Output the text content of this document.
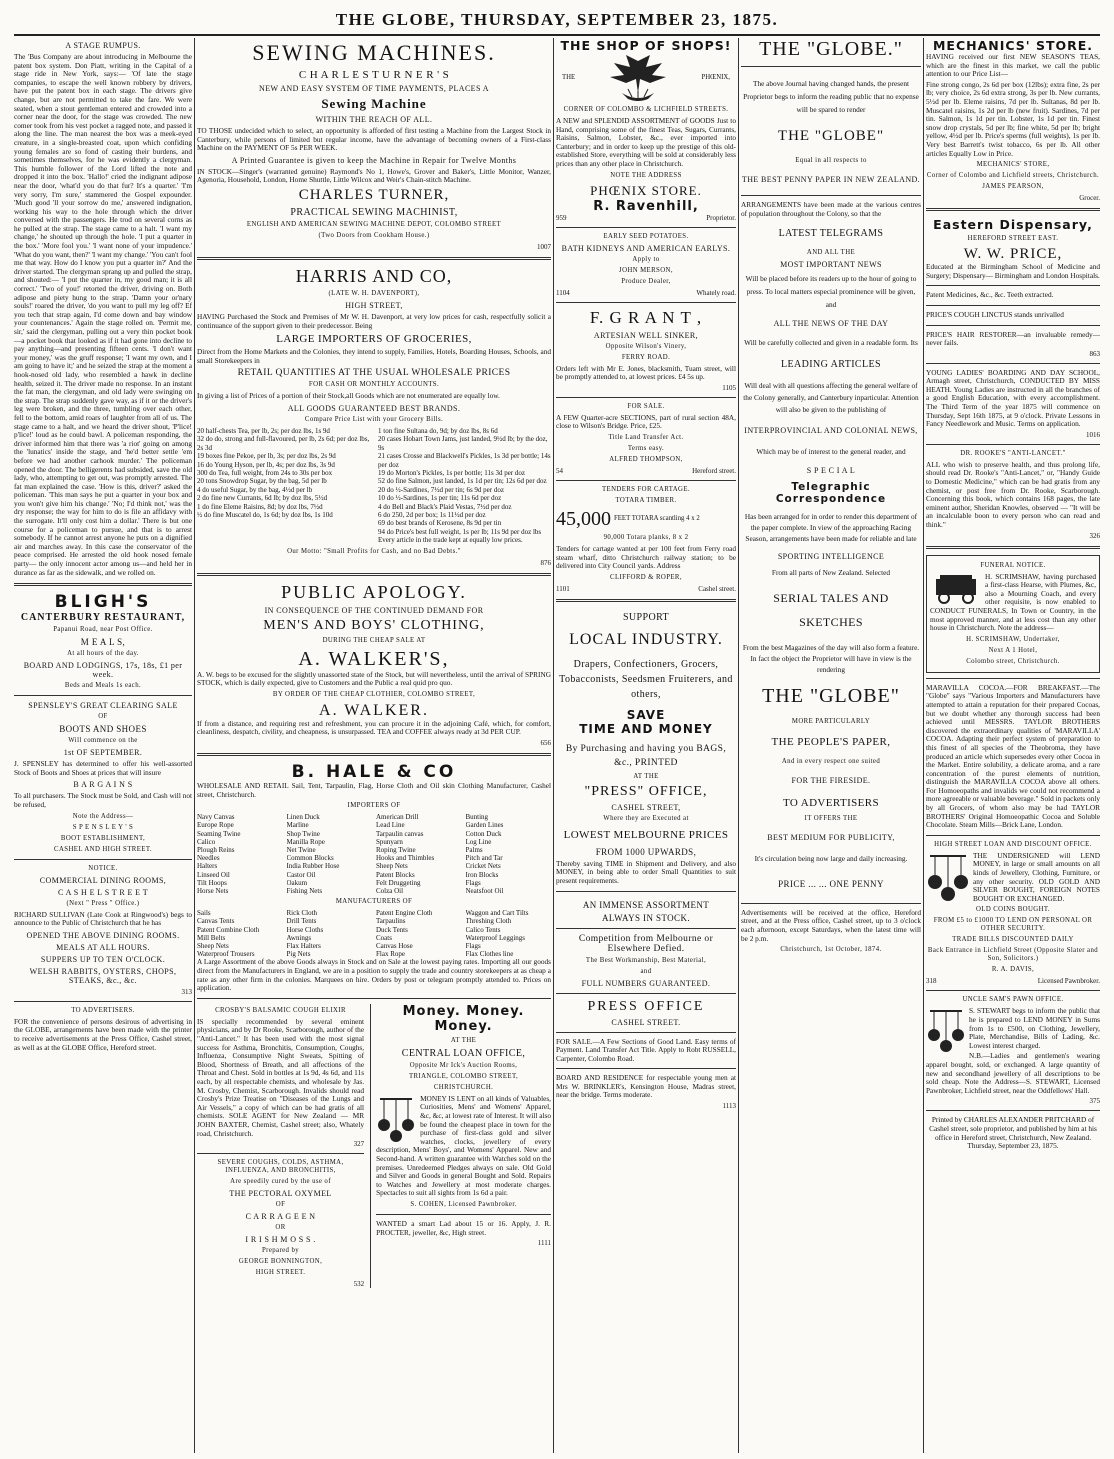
THE GLOBE, THURSDAY, SEPTEMBER 23, 1875.
A STAGE RUMPUS.

The 'Bus Company are about introducing in Melbourne the patent box system. Don Piatt, writing in the Capital of a stage ride in New York, says:— 'Of late the stage companies, to escape the well known robbery by drivers, have put the patent box in each stage. The drivers give change, but are not permitted to take the fare. We were seated, when a stout gentleman entered and crowded into a corner near the door, for the stage was crowded. The new comer took from his vest pocket a ragged note, and passed it along the line. The man nearest the box was a meek-eyed creature, in a single-breasted coat, upon which confiding young females are so fond of casting their burdens, and sometimes themselves, for he was evidently a clergyman. This humble follower of the Lord lifted the note and dropped it into the box. 'Hallo!' cried the indignant adipose near the door, 'what'd you do that fur? It's a quarter.' 'I'm very sorry, I'm sure,' stammered the Gospel expounder. 'Much good 'll your sorrow do me,' answered indignation, working his way to the hole through which the driver conversed with the passengers. He trod on several corns as he pulled at the strap. The stage came to a halt. 'I want my change,' he shouted up through the hole. 'I put a quarter in the box.' 'More fool you.' 'I want none of your impudence.' 'What do you want, then?' 'I want my change.' 'You can't fool me that way. How do I know you put a quarter in?' And the driver started. The clergyman sprang up and pulled the strap, and shouted:— 'I put the quarter in, my good man; it is all correct.' 'Two of you!' retorted the driver, driving on. Both adipose and piety hung to the strap. 'Damn your or'nary souls!' roared the driver, 'do you want to pull my leg off? Ef you tech that strap again, I'd come down and bay window your countenances.' Again the stage rolled on. 'Permit me, sir,' said the clergyman, pulling out a very thin pocket book—a pocket book that looked as if it had gone into decline to pay anything—and presenting fifteen cents. 'I don't want your money,' was the gruff response; 'I want my own, and I am going to have it;' and he seized the strap at the moment a hook-nosed old lady, who resembled a hawk in decline health, seized it. The driver made no response. In an instant the fat man, the clergyman, and old lady were swinging on the strap. The strap suddenly gave way, as if it or the driver's leg were broken, and the three, tumbling over each other, fell to the bottom, amid roars of laughter from all of us. The stage came to a halt, and we heard the driver shout, 'P'lice! p'lice!' loud as he could bawl. A policeman responding, the driver informed him that there was 'a riot' going on among the 'lunatics' inside the stage, and 'he'd better settle 'em before we had another carhook murder.' The policeman opened the door. The belligerents had subsided, save the old lady, who, attempting to get out, was promptly arrested. The fat man explained the case. 'How is this, driver?' asked the policeman. 'This man says he put a quarter in your box and you won't give him his change.' 'No; I'd think not,' was the dry response; the way for him to do is file an affidavy with the surrogate. It'll only cost him a dollar.' There is but one course for a policeman to pursue, and that is to arrest somebody. If he cannot arrest anyone he puts on a dignified air and marches away. In this case the conservator of the peace comprised. He arrested the old hook nosed female party— the only innocent actor among us—and held her in durance as far as the sidewalk, and we rolled on.

BLIGH'S
CANTERBURY RESTAURANT,
Papanui Road, near Post Office.
M E A L S,
At all hours of the day.
BOARD AND LODGINGS, 17s, 18s, £1 per week.
Beds and Meals 1s each.
SPENSLEY'S GREAT CLEARING SALE
OF
BOOTS AND SHOES
Will commence on the
1st OF SEPTEMBER.

J. SPENSLEY has determined to offer his well-assorted Stock of Boots and Shoes at prices that will insure

B A R G A I N S

To all purchasers. The Stock must be Sold, and Cash will not be refused,

Note the Address—
S P E N S L E Y ' S
BOOT ESTABLISHMENT,
CASHEL AND HIGH STREET.
NOTICE.
COMMERCIAL DINING ROOMS,
C A S H E L S T R E E T
(Next " Press " Office.)

RICHARD SULLIVAN (Late Cook at Ringwood's) begs to announce to the Public of Christchurch that he has

OPENED THE ABOVE DINING ROOMS.
MEALS AT ALL HOURS.
SUPPERS UP TO TEN O'CLOCK.
WELSH RABBITS, OYSTERS, CHOPS, STEAKS, &c., &c.
313
TO ADVERTISERS.

FOR the convenience of persons desirous of advertising in the GLOBE, arrangements have been made with the printer to receive advertisements at the Press Office, Cashel street, as well as at the GLOBE Office, Hereford street.

SEWING MACHINES.
C H A R L E S T U R N E R ' S
NEW AND EASY SYSTEM OF TIME PAYMENTS, PLACES A
Sewing Machine
WITHIN THE REACH OF ALL.

TO THOSE undecided which to select, an opportunity is afforded of first testing a Machine from the Largest Stock in Canterbury, while persons of limited but regular income, have the advantage of becoming owners of a First-class Machine on the PAYMENT OF 5s PER WEEK.

A Printed Guarantee is given to keep the Machine in Repair for Twelve Months

IN STOCK—Singer's (warranted genuine) Raymond's No 1, Howe's, Grover and Baker's, Little Monitor, Wanzer, Agenoria, Household, London, Home Shuttle, Little Wilcox and Weir's Chain-stitch Machine.

CHARLES TURNER,
PRACTICAL SEWING MACHINIST,
ENGLISH AND AMERICAN SEWING MACHINE DEPOT, COLOMBO STREET
(Two Doors from Cookham House.)
1007
HARRIS AND CO,
(LATE W. H. DAVENPORT),
HIGH STREET,

HAVING Purchased the Stock and Premises of Mr W. H. Davenport, at very low prices for cash, respectfully solicit a continuance of the support given to their predecessor. Being

LARGE IMPORTERS OF GROCERIES,

Direct from the Home Markets and the Colonies, they intend to supply, Families, Hotels, Boarding Houses, Schools, and small Storekeepers in

RETAIL QUANTITIES AT THE USUAL WHOLESALE PRICES
FOR CASH OR MONTHLY ACCOUNTS.

In giving a list of Prices of a portion of their Stock,all Goods which are not enumerated are equally low.

ALL GOODS GUARANTEED BEST BRANDS.
Compare Price List with your Grocery Bills.
20 half-chests Tea, per lb, 2s; per doz lbs, 1s 9d
32 do do, strong and full-flavoured, per lb, 2s 6d; per doz lbs, 2s 3d
19 boxes fine Pekoe, per lb, 3s; per doz lbs, 2s 9d
16 do Young Hyson, per lb, 4s; per doz lbs, 3s 9d
300 do Tea, full weight, from 24s to 30s per box
20 tons Snowdrop Sugar, by the bag, 5d per lb
4 do useful Sugar, by the bag, 4½d per lb
2 do fine new Currants, 6d lb; by doz lbs, 5½d
1 do fine Eleme Raisins, 8d; by doz lbs, 7½d
½ do fine Muscatel do, 1s 6d; by doz lbs, 1s 10d
1 ton fine Sultana do, 9d; by doz lbs, 8s 6d
20 cases Hobart Town Jams, just landed, 9½d lb; by the doz, 9s
21 cases Crosse and Blackwell's Pickles, 1s 3d per bottle; 14s per doz
19 do Morton's Pickles, 1s per bottle; 11s 3d per doz
52 do fine Salmon, just landed, 1s 1d per tin; 12s 6d per doz
20 do ½-Sardines, 7½d per tin; 6s 9d per doz
10 do ½-Sardines, 1s per tin; 11s 6d per doz
4 do Bell and Black's Plaid Vestas, 7½d per doz
6 do 250, 2d per box; 1s 11½d per doz
69 do best brands of Kerosene, 8s 9d per tin
94 do Price's best full weight, 1s per lb; 11s 9d per doz lbs
Every article in the trade kept at equally low prices.
Our Motto: "Small Profits for Cash, and no Bad Debts."
876
PUBLIC APOLOGY.
IN CONSEQUENCE OF THE CONTINUED DEMAND FOR
MEN'S AND BOYS' CLOTHING,
DURING THE CHEAP SALE AT
A. WALKER'S,

A. W. begs to be excused for the slightly unassorted state of the Stock, but will nevertheless, until the arrival of SPRING STOCK, which is daily expected, give to Customers and the Public a real quid pro quo.

BY ORDER OF THE CHEAP CLOTHIER, COLOMBO STREET,
A. WALKER.

If from a distance, and requiring rest and refreshment, you can procure it in the adjoining Café, which, for comfort, cleanliness, despatch, civility, and cheapness, is unsurpassed. TEA and COFFEE always ready at 3d PER CUP.

656
B. HALE & CO

WHOLESALE AND RETAIL Sail, Tent, Tarpaulin, Flag, Horse Cloth and Oil skin Clothing Manufacturer, Cashel street, Christchurch.

IMPORTERS OF
Navy Canvas	Linen Duck	American Drill	Bunting
Europe Rope	Marline	Lead Line	Garden Lines
Seaming Twine	Shop Twine	Tarpaulin canvas	Cotton Duck
Calico	Manilla Rope	Spunyarn	Log Line
Plough Reins	Net Twine	Roping Twine	Palms
Needles	Common Blocks	Hooks and Thimbles	Pitch and Tar
Halters	India Rubber Hose	Sheep Nets	Cricket Nets
Linseed Oil	Castor Oil	Patent Blocks	Iron Blocks
Tilt Hoops	Oakum	Felt Druggeting	Flags
Horse Nets	Fishing Nets	Colza Oil	Neatsfoot Oil
MANUFACTURERS OF
Sails	Rick Cloth	Patent Engine Cloth	Waggon and Cart Tilts
Canvas Tents	Drill Tents	Tarpaulins	Threshing Cloth
Patent Combine Cloth	Horse Cloths	Duck Tents	Calico Tents
Mill Belts	Awnings	Coats	Waterproof Leggings
Sheep Nets	Flax Halters	Canvas Hose	Flags
Waterproof Trousers	Pig Nets	Flax Rope	Flax Clothes line

A Large Assortment of the above Goods always in Stock and on Sale at the lowest paying rates. Importing all our goods direct from the Manufacturers in England, we are in a position to supply the trade and country storekeepers at as cheap a rate as any other firm in the colonies. Marquees on hire. Orders by post or telegram promptly attended to. Prices on application.

CROSBY'S BALSAMIC COUGH ELIXIR

IS specially recommended by several eminent physicians, and by Dr Rooke, Scarborough, author of the "Anti-Lancet." It has been used with the most signal success for Asthma, Bronchitis, Consumption, Coughs, Influenza, Consumptive Night Sweats, Spitting of Blood, Shortness of Breath, and all affections of the Throat and Chest. Sold in bottles at 1s 9d, 4s 6d, and 11s each, by all respectable chemists, and wholesale by Jas. M. Crosby, Chemist, Scarborough. Invalids should read Crosby's Prize Treatise on "Diseases of the Lungs and Air Vessels," a copy of which can be had gratis of all chemists. SOLE AGENT for New Zealand — MR JOHN BAXTER, Chemist, Cashel street; also, Whately road, Christchurch.

327
SEVERE COUGHS, COLDS, ASTHMA, INFLUENZA, AND BRONCHITIS,
Are speedily cured by the use of
THE PECTORAL OXYMEL
OF
C A R R A G E E N
OR
I R I S H M O S S .
Prepared by
GEORGE BONNINGTON,
HIGH STREET.
532
Money. Money. Money.
AT THE
CENTRAL LOAN OFFICE,
Opposite Mr Ick's Auction Rooms,
TRIANGLE, COLOMBO STREET,
CHRISTCHURCH.

MONEY IS LENT on all kinds of Valuables, Curiosities, Mens' and Womens' Apparel, &c, &c, at lowest rate of Interest. It will also be found the cheapest place in town for the purchase of first-class gold and silver watches, clocks, jewellery of every description, Mens' Boys', and Womens' Apparel. New and Second-hand. A written guarantee with Watches sold on the premises. Unredeemed Pledges always on sale. Old Gold and Silver and Goods in general Bought and Sold. Repairs to Watches and Jewellery at most moderate charges. Spectacles to suit all sights from 1s 6d a pair.

S. COHEN, Licensed Pawnbroker.

WANTED a smart Lad about 15 or 16. Apply, J. R. PROCTER, jeweller, &c, High street.

1111
THE SHOP OF SHOPS!
THE	PHŒNIX,
CORNER OF COLOMBO & LICHFIELD STREETS.

A NEW and SPLENDID ASSORTMENT of GOODS Just to Hand, comprising some of the finest Teas, Sugars, Currants, Raisins, Salmon, Lobster, &c., ever imported into Canterbury; and in order to keep up the prestige of this old-established Store, everything will be sold at considerably less prices than any other place in Christchurch.

NOTE THE ADDRESS
PHŒNIX STORE.
R. Ravenhill,
959	Proprietor.
EARLY SEED POTATOES.
BATH KIDNEYS AND AMERICAN EARLYS.
Apply to
JOHN MERSON,
Produce Dealer,
1104	Whately road.
F. G R A N T ,
ARTESIAN WELL SINKER,
Opposite Wilson's Vinery,
FERRY ROAD.

Orders left with Mr E. Jones, blacksmith, Tuam street, will be promptly attended to, at lowest prices. £4 5s up.

1105
FOR SALE.

A FEW Quarter-acre SECTIONS, part of rural section 48A, close to Wilson's Bridge. Price, £25.

Title Land Transfer Act.
Terms easy.
ALFRED THOMPSON,
54	Hereford street.
TENDERS FOR CARTAGE.
TOTARA TIMBER.
45,000 FEET TOTARA scantling 4 x 2
90,000 Totara planks, 8 x 2

Tenders for cartage wanted at per 100 feet from Ferry road steam wharf, ditto Christchurch railway station; to be delivered into City Council yards. Address

CLIFFORD & ROPER,
1101	Cashel street.
SUPPORT
LOCAL INDUSTRY.
Drapers, Confectioners, Grocers, Tobacconists, Seedsmen Fruiterers, and others,
SAVE
TIME AND MONEY
By Purchasing and having you BAGS, &c., PRINTED
AT THE
"PRESS" OFFICE,
CASHEL STREET,
Where they are Executed at
LOWEST MELBOURNE PRICES
FROM 1000 UPWARDS,

Thereby saving TIME in Shipment and Delivery, and also MONEY, in being able to order Small Quantities to suit present requirements.

AN IMMENSE ASSORTMENT
ALWAYS IN STOCK.
Competition from Melbourne or Elsewhere Defied.
The Best Workmanship, Best Material,
and
FULL NUMBERS GUARANTEED.
PRESS OFFICE
CASHEL STREET.

FOR SALE.—A Few Sections of Good Land. Easy terms of Payment. Land Transfer Act Title. Apply to Robt RUSSELL, Carpenter, Colombo Road.

BOARD AND RESIDENCE for respectable young men at Mrs W. BRINKLER's, Kensington House, Madras street, near the bridge. Terms moderate.

1113
THE "GLOBE."

The above Journal having changed hands, the present Proprietor begs to inform the reading public that no expense will be spared to render

THE "GLOBE"
Equal in all respects to
THE BEST PENNY PAPER IN NEW ZEALAND.

ARRANGEMENTS have been made at the various centres of population throughout the Colony, so that the

LATEST TELEGRAMS
AND ALL THE
MOST IMPORTANT NEWS

Will be placed before its readers up to the hour of going to press. To local matters especial prominence will be given, and

ALL THE NEWS OF THE DAY

Will be carefully collected and given in a readable form. Its

LEADING ARTICLES

Will deal with all questions affecting the general welfare of the Colony generally, and Canterbury inparticular. Attention will also be given to the publishing of

INTERPROVINCIAL AND COLONIAL NEWS,

Which may be of interest to the general reader, and

S P E C I A L
Telegraphic Correspondence

Has been arranged for in order to render this department of the paper complete. In view of the approaching Racing Season, arrangements have been made for reliable and late

SPORTING INTELLIGENCE

From all parts of New Zealand. Selected

SERIAL TALES AND SKETCHES

From the best Magazines of the day will also form a feature. In fact the object the Proprietor will have in view is the rendering

THE "GLOBE"
MORE PARTICULARLY
THE PEOPLE'S PAPER,
And in every respect one suited
FOR THE FIRESIDE.
TO ADVERTISERS
IT OFFERS THE
BEST MEDIUM FOR PUBLICITY,

It's circulation being now large and daily increasing.

PRICE ... ... ONE PENNY

Advertisements will be received at the office, Hereford street, and at the Press office, Cashel street, up to 3 o'clock each afternoon, except Saturdays, when the latest time will be 2 p.m.

Christchurch, 1st October, 1874.
MECHANICS' STORE.

HAVING received our first NEW SEASON'S TEAS, which are the finest in this market, we call the public attention to our Price List—

Fine strong congo, 2s 6d per box (12lbs); extra fine, 2s per lb; very choice, 2s 6d extra strong, 3s per lb. New currants, 5½d per lb. Eleme raisins, 7d per lb. Sultanas, 8d per lb. Muscatel raisins, 1s 2d per lb (new fruit). Sardines, 7d per tin. Salmon, 1s 1d per tin. Lobster, 1s 1d per tin. Finest snow drop crystals, 5d per lb; fine white, 5d per lb; bright yellow, 4½d per lb. Price's sperms (full weights), 1s per lb. Very best Barrett's twist tobacco, 6s per lb. All other articles Equally Low in Price.

MECHANICS' STORE,
Corner of Colombo and Lichfield streets, Christchurch.
JAMES PEARSON,
Grocer.
Eastern Dispensary,
HEREFORD STREET EAST.
W. W. PRICE,

Educated at the Birmingham School of Medicine and Surgery; Dispensary— Birmingham and London Hospitals.

Patent Medicines, &c., &c. Teeth extracted.

PRICE'S COUGH LINCTUS stands unrivalled

PRICE'S HAIR RESTORER—an invaluable remedy—never fails.

863

YOUNG LADIES' BOARDING AND DAY SCHOOL, Armagh street, Christchurch, CONDUCTED BY MISS HEATH. Young Ladies are instructed in all the branches of a good English Education, with every accomplishment. The Third Term of the year 1875 will commence on Thursday, Sept 16th 1875, at 9 o'clock. Private Lessons in Fancy Needlework and Music. Terms on application.

1016
DR. ROOKE'S "ANTI-LANCET."

ALL who wish to preserve health, and thus prolong life, should read Dr. Rooke's "Anti-Lancet," or, "Handy Guide to Domestic Medicine," which can be had gratis from any chemist, or post free from Dr. Rooke, Scarborough. Concerning this book, which contains 168 pages, the late eminent author, Sheridan Knowles, observed — "It will be an incalculable boon to every person who can read and think."

326
FUNERAL NOTICE.

H. SCRIMSHAW, having purchased a first-class Hearse, with Plumes, &c, also a Mourning Coach, and every other requisite, is now enabled to CONDUCT FUNERALS, In Town or Country, in the most approved manner, and at less cost than any other house in Christchurch. Note the address—

H. SCRIMSHAW, Undertaker,
Next A 1 Hotel,
Colombo street, Christchurch.

MARAVILLA COCOA.—FOR BREAKFAST.—The "Globe" says "Various Importers and Manufacturers have attempted to attain a reputation for their prepared Cocoas, but we doubt whether any thorough success had been achieved until MESSRS. TAYLOR BROTHERS discovered the extraordinary qualities of 'MARAVILLA' COCOA. Adapting their perfect system of preparation to this finest of all species of the Theobroma, they have produced an article which supersedes every other Cocoa in the Market. Entire solubility, a delicate aroma, and a rare concentration of the purest elements of nutrition, distinguish the MARAVILLA COCOA above all others. For Homoeopaths and invalids we could not recommend a more agreeable or valuable beverage." Sold in packets only by all Grocers, of whom also may be had TAYLOR BROTHERS' Original Homoeopathic Cocoa and Soluble Chocolate. Steam Mills—Brick Lane, London.

HIGH STREET LOAN AND DISCOUNT OFFICE.

THE UNDERSIGNED will LEND MONEY, in large or small amounts on all kinds of Jewellery, Clothing, Furniture, or any other security. OLD GOLD AND SILVER BOUGHT, FOREIGN NOTES BOUGHT OR EXCHANGED.

OLD COINS BOUGHT.
FROM £5 to £1000 TO LEND ON PERSONAL OR OTHER SECURITY.
TRADE BILLS DISCOUNTED DAILY
Back Entrance in Lichfield Street (Opposite Slater and Son, Solicitors.)
R. A. DAVIS,
318	Licensed Pawnbroker.
UNCLE SAM'S PAWN OFFICE.

S. STEWART begs to inform the public that he is prepared to LEND MONEY in Sums from 1s to £500, on Clothing, Jewellery, Plate, Merchandise, Bills of Lading, &c. Lowest interest charged.

N.B.—Ladies and gentlemen's wearing apparel bought, sold, or exchanged. A large quantity of new and secondhand jewellery of all descriptions to be sold cheap. Note the Address—S. STEWART, Licensed Pawnbroker, Lichfield street, near the Oddfellows' Hall.

375

Printed by CHARLES ALEXANDER PRITCHARD of Cashel street, sole proprietor, and published by him at his office in Hereford street, Christchurch, New Zealand. Thursday, September 23, 1875.
